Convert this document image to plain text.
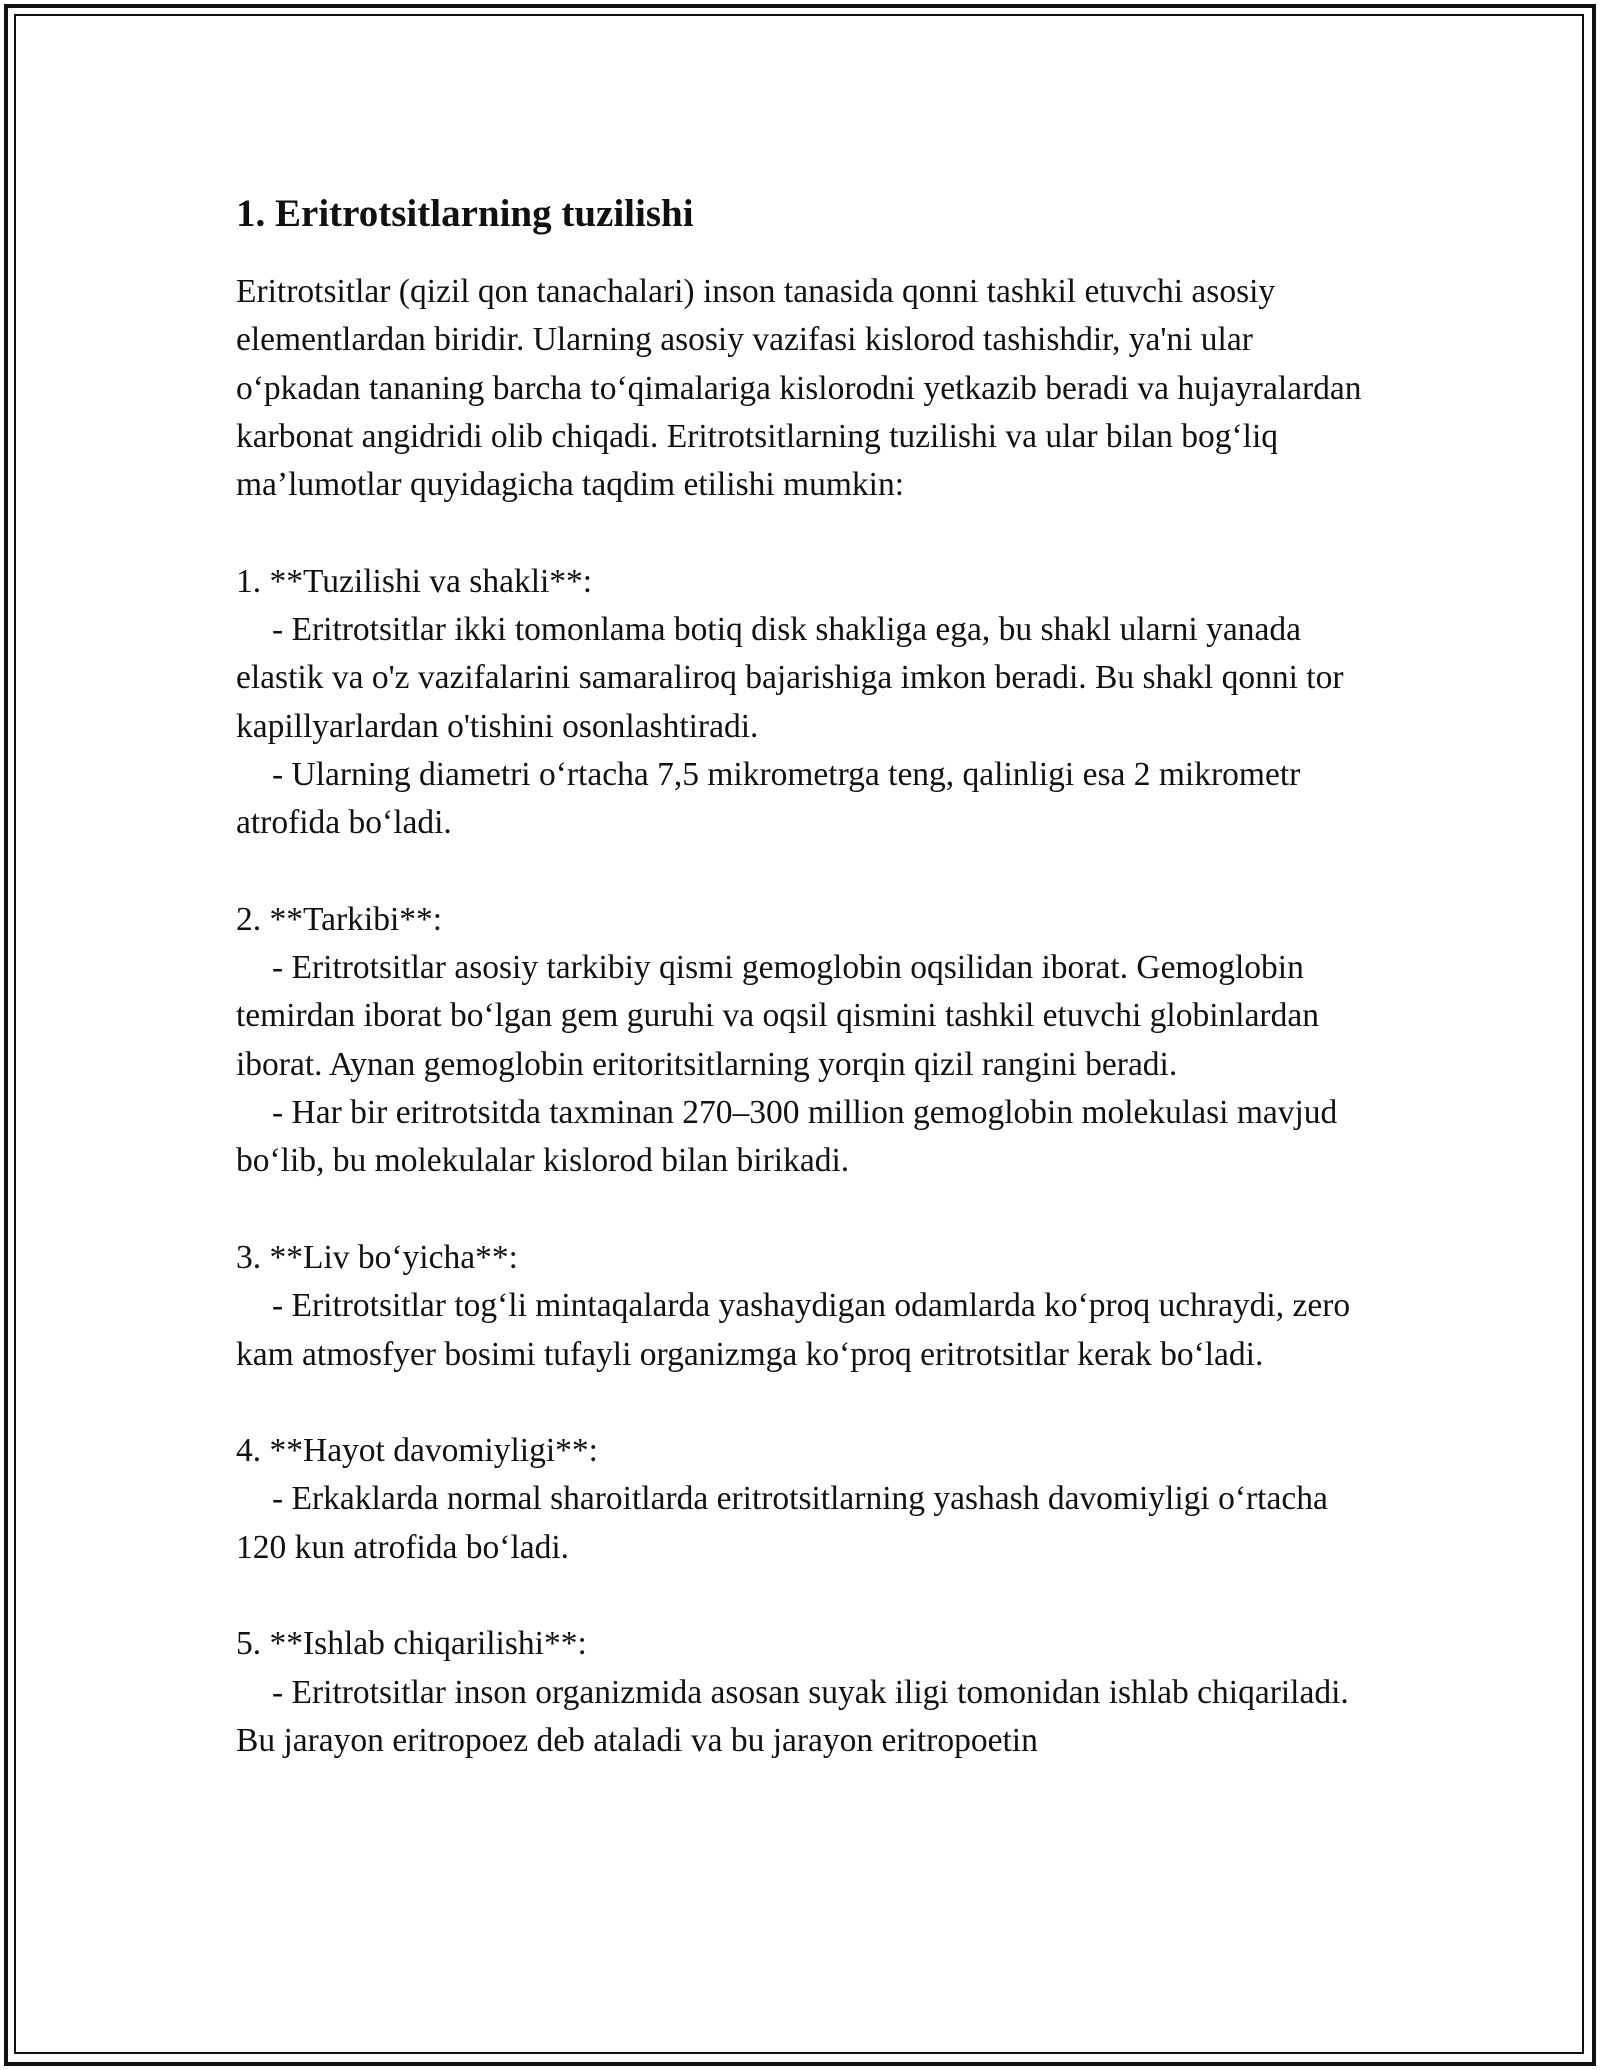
1. Eritrotsitlarning tuzilishi

Eritrotsitlar (qizil qon tanachalari) inson tanasida qonni tashkil etuvchi asosiy elementlardan biridir. Ularning asosiy vazifasi kislorod tashishdir, ya'ni ular o‘pkadan tananing barcha to‘qimalariga kislorodni yetkazib beradi va hujayralardan karbonat angidridi olib chiqadi. Eritrotsitlarning tuzilishi va ular bilan bog‘liq ma’lumotlar quyidagicha taqdim etilishi mumkin:

1. **Tuzilishi va shakli**:

- Eritrotsitlar ikki tomonlama botiq disk shakliga ega, bu shakl ularni yanada elastik va o'z vazifalarini samaraliroq bajarishiga imkon beradi. Bu shakl qonni tor kapillyarlardan o'tishini osonlashtiradi.

- Ularning diametri o‘rtacha 7,5 mikrometrga teng, qalinligi esa 2 mikrometr atrofida bo‘ladi.

2. **Tarkibi**:

- Eritrotsitlar asosiy tarkibiy qismi gemoglobin oqsilidan iborat. Gemoglobin temirdan iborat bo‘lgan gem guruhi va oqsil qismini tashkil etuvchi globinlardan iborat. Aynan gemoglobin eritoritsitlarning yorqin qizil rangini beradi.

- Har bir eritrotsitda taxminan 270–300 million gemoglobin molekulasi mavjud bo‘lib, bu molekulalar kislorod bilan birikadi.

3. **Liv bo‘yicha**:

- Eritrotsitlar tog‘li mintaqalarda yashaydigan odamlarda ko‘proq uchraydi, zero kam atmosfyer bosimi tufayli organizmga ko‘proq eritrotsitlar kerak bo‘ladi.

4. **Hayot davomiyligi**:

- Erkaklarda normal sharoitlarda eritrotsitlarning yashash davomiyligi o‘rtacha 120 kun atrofida bo‘ladi.

5. **Ishlab chiqarilishi**:

- Eritrotsitlar inson organizmida asosan suyak iligi tomonidan ishlab chiqariladi. Bu jarayon eritropoez deb ataladi va bu jarayon eritropoetin
